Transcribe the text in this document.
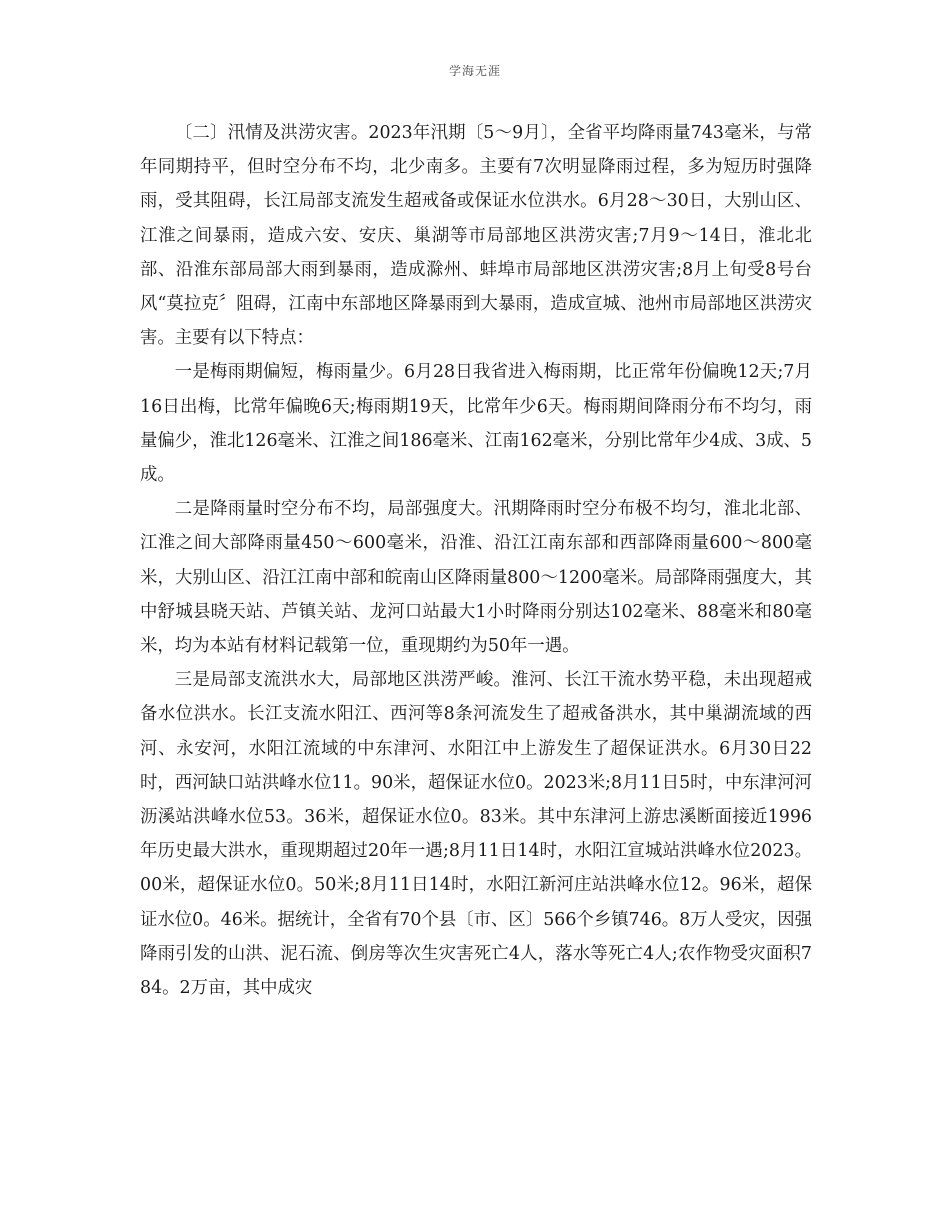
学海无涯

〔二〕汛情及洪涝灾害。2023年汛期〔5～9月〕，全省平均降雨量743毫米，与常年同期持平，但时空分布不均，北少南多。主要有7次明显降雨过程，多为短历时强降雨，受其阻碍，长江局部支流发生超戒备或保证水位洪水。6月28～30日，大别山区、江淮之间暴雨，造成六安、安庆、巢湖等市局部地区洪涝灾害;7月9～14日，淮北北部、沿淮东部局部大雨到暴雨，造成滁州、蚌埠市局部地区洪涝灾害;8月上旬受8号台风“莫拉克〞阻碍，江南中东部地区降暴雨到大暴雨，造成宣城、池州市局部地区洪涝灾害。主要有以下特点：

一是梅雨期偏短，梅雨量少。6月28日我省进入梅雨期，比正常年份偏晚12天;7月16日出梅，比常年偏晚6天;梅雨期19天，比常年少6天。梅雨期间降雨分布不均匀，雨量偏少，淮北126毫米、江淮之间186毫米、江南162毫米，分别比常年少4成、3成、5成。

二是降雨量时空分布不均，局部强度大。汛期降雨时空分布极不均匀，淮北北部、江淮之间大部降雨量450～600毫米，沿淮、沿江江南东部和西部降雨量600～800毫米，大别山区、沿江江南中部和皖南山区降雨量800～1200毫米。局部降雨强度大，其中舒城县晓天站、芦镇关站、龙河口站最大1小时降雨分别达102毫米、88毫米和80毫米，均为本站有材料记载第一位，重现期约为50年一遇。

三是局部支流洪水大，局部地区洪涝严峻。淮河、长江干流水势平稳，未出现超戒备水位洪水。长江支流水阳江、西河等8条河流发生了超戒备洪水，其中巢湖流域的西河、永安河，水阳江流域的中东津河、水阳江中上游发生了超保证洪水。6月30日22时，西河缺口站洪峰水位11。90米，超保证水位0。2023米;8月11日5时，中东津河河沥溪站洪峰水位53。36米，超保证水位0。83米。其中东津河上游忠溪断面接近1996年历史最大洪水，重现期超过20年一遇;8月11日14时，水阳江宣城站洪峰水位2023。00米，超保证水位0。50米;8月11日14时，水阳江新河庄站洪峰水位12。96米，超保证水位0。46米。据统计，全省有70个县〔市、区〕566个乡镇746。8万人受灾，因强降雨引发的山洪、泥石流、倒房等次生灾害死亡4人，落水等死亡4人;农作物受灾面积784。2万亩，其中成灾
